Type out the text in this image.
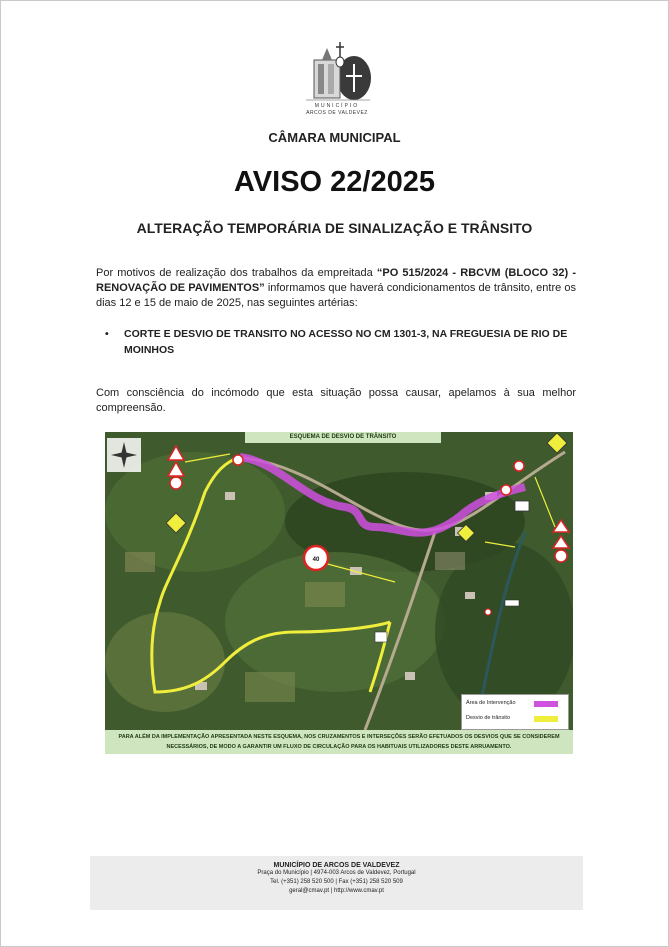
MUNICÍPIO
ARCOS DE VALDEVEZ
CÂMARA MUNICIPAL
AVISO 22/2025
ALTERAÇÃO TEMPORÁRIA DE SINALIZAÇÃO E TRÂNSITO
Por motivos de realização dos trabalhos da empreitada “PO 515/2024 - RBCVM (BLOCO 32) - RENOVAÇÃO DE PAVIMENTOS” informamos que haverá condicionamentos de trânsito, entre os dias 12 e 15 de maio de 2025, nas seguintes artérias:
• CORTE E DESVIO DE TRANSITO NO ACESSO NO CM 1301-3, NA FREGUESIA DE RIO DE MOINHOS
Com consciência do incómodo que esta situação possa causar, apelamos à sua melhor compreensão.
40
ESQUEMA DE DESVIO DE TRÂNSITO
Área de Intervenção
Desvio de trânsito
PARA ALÉM DA IMPLEMENTAÇÃO APRESENTADA NESTE ESQUEMA, NOS CRUZAMENTOS E INTERSEÇÕES SERÃO EFETUADOS OS DESVIOS QUE SE CONSIDEREM
NECESSÁRIOS, DE MODO A GARANTIR UM FLUXO DE CIRCULAÇÃO PARA OS HABITUAIS UTILIZADORES DESTE ARRUAMENTO.
MUNICÍPIO DE ARCOS DE VALDEVEZ
Praça do Município | 4974-003 Arcos de Valdevez, Portugal
Tel. (+351) 258 520 500 | Fax (+351) 258 520 509
geral@cmav.pt | http://www.cmav.pt
